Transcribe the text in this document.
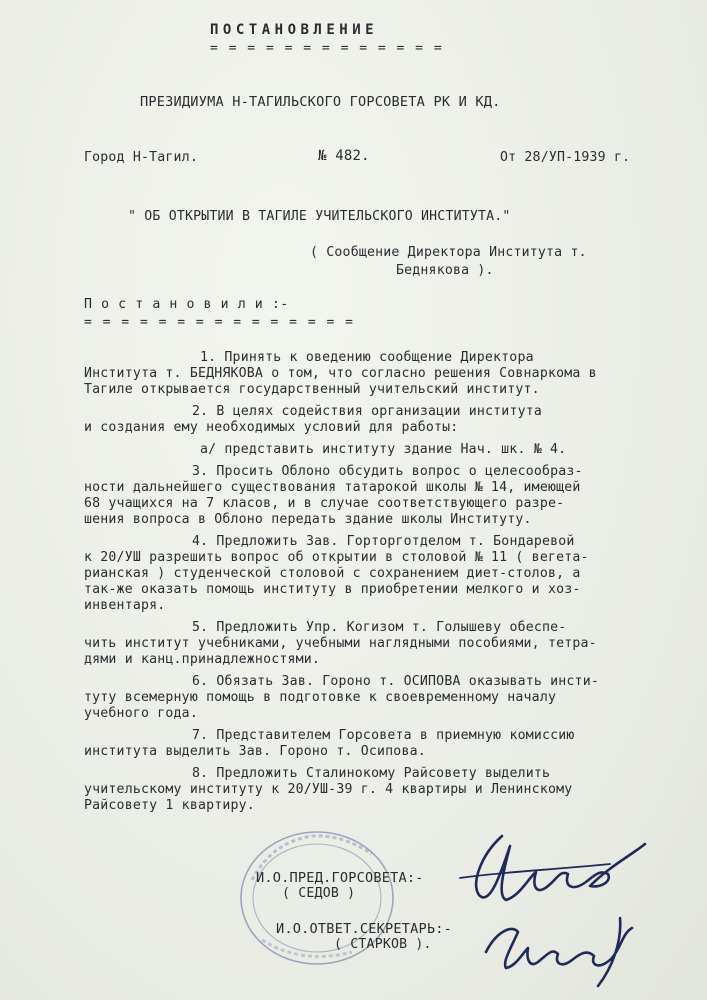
ПОСТАНОВЛЕНИЕ
= = = = = = = = = = = = =
ПРЕЗИДИУМА Н-ТАГИЛЬСКОГО ГОРСОВЕТА РК И КД.
Город Н-Тагил.	№ 482.	От 28/УП-1939 г.
" ОБ ОТКРЫТИИ В ТАГИЛЕ УЧИТЕЛЬСКОГО ИНСТИТУТА."
( Сообщение Директора Института т.
Беднякова ).
П о с т а н о в и л и :-
= = = = = = = = = = = = = = =
1. Принять к оведению сообщение Директора
Института т. БЕДНЯКОВА о том, что согласно решения Совнаркома в
Тагиле открывается государственный учительский институт.
2. В целях содействия организации института
и создания ему необходимых условий для работы:
а/ представить институту здание Нач. шк. № 4.
3. Просить Облоно обсудить вопрос о целесообраз-
ности дальнейшего существования татарокой школы № 14, имеющей
68 учащихся на 7 класов, и в случае соответствующего разре-
шения вопроса в Облоно передать здание школы Институту.
4. Предложить Зав. Горторготделом т. Бондаревой
к 20/УШ разрешить вопрос об открытии в столовой № 11 ( вегета-
рианская ) студенческой столовой с сохранением диет-столов, а
так-же оказать помощь институту в приобретении мелкого и хоз-
инвентаря.
5. Предложить Упр. Когизом т. Голышеву обеспе-
чить институт учебниками, учебными наглядными пособиями, тетра-
дями и канц.принадлежностями.
6. Обязать Зав. Гороно т. ОСИПОВА оказывать инсти-
туту всемерную помощь в подготовке к своевременному началу
учебного года.
7. Представителем Горсовета в приемную комиссию
института выделить Зав. Гороно т. Осипова.
8. Предложить Сталинокому Райсовету выделить
учительскому институту к 20/УШ-39 г. 4 квартиры и Ленинскому
Райсовету 1 квартиру.
И.О.ПРЕД.ГОРСОВЕТА:-
( СЕДОВ )
И.О.ОТВЕТ.СЕКРЕТАРЬ:-
( СТАРКОВ ).
